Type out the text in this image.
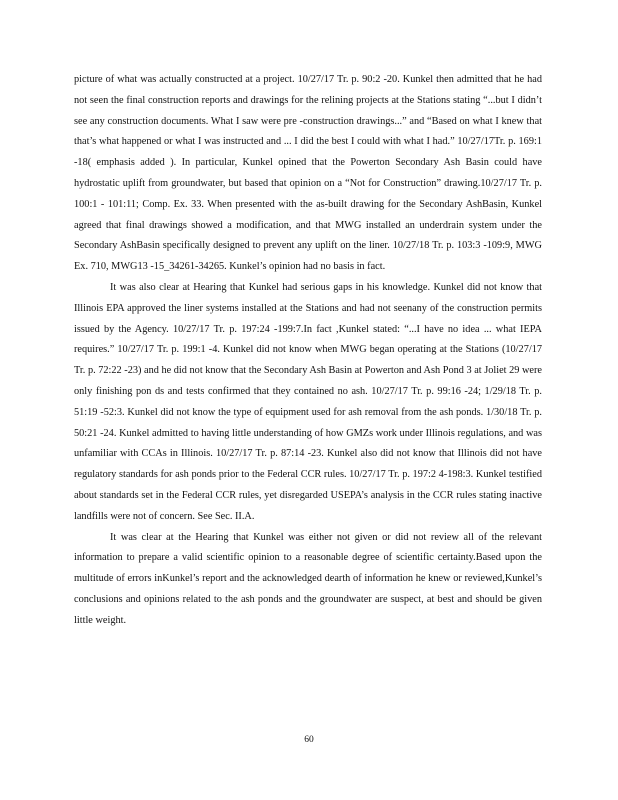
picture of what was actually constructed at a project. 10/27/17 Tr. p. 90:2 -20. Kunkel then admitted that he had not seen the final construction reports and drawings for the relining projects at the Stations stating “...but I didn’t see any construction documents. What I saw were pre -construction drawings...” and “Based on what I knew that that’s what happened or what I was instructed and ... I did the best I could with what I had.” 10/27/17Tr. p. 169:1 -18( emphasis added ). In particular, Kunkel opined that the Powerton Secondary Ash Basin could have hydrostatic uplift from groundwater, but based that opinion on a “Not for Construction” drawing.10/27/17 Tr. p. 100:1 - 101:11; Comp. Ex. 33. When presented with the as-built drawing for the Secondary AshBasin, Kunkel agreed that final drawings showed a modification, and that MWG installed an underdrain system under the Secondary AshBasin specifically designed to prevent any uplift on the liner. 10/27/18 Tr. p. 103:3 -109:9, MWG Ex. 710, MWG13 -15_34261-34265. Kunkel’s opinion had no basis in fact.

It was also clear at Hearing that Kunkel had serious gaps in his knowledge. Kunkel did not know that Illinois EPA approved the liner systems installed at the Stations and had not seenany of the construction permits issued by the Agency. 10/27/17 Tr. p. 197:24 -199:7.In fact ,Kunkel stated: “...I have no idea ... what IEPA requires.” 10/27/17 Tr. p. 199:1 -4. Kunkel did not know when MWG began operating at the Stations (10/27/17 Tr. p. 72:22 -23) and he did not know that the Secondary Ash Basin at Powerton and Ash Pond 3 at Joliet 29 were only finishing pon ds and tests confirmed that they contained no ash. 10/27/17 Tr. p. 99:16 -24; 1/29/18 Tr. p. 51:19 -52:3. Kunkel did not know the type of equipment used for ash removal from the ash ponds. 1/30/18 Tr. p. 50:21 -24. Kunkel admitted to having little understanding of how GMZs work under Illinois regulations, and was unfamiliar with CCAs in Illinois. 10/27/17 Tr. p. 87:14 -23. Kunkel also did not know that Illinois did not have regulatory standards for ash ponds prior to the Federal CCR rules. 10/27/17 Tr. p. 197:2 4-198:3. Kunkel testified about standards set in the Federal CCR rules, yet disregarded USEPA’s analysis in the CCR rules stating inactive landfills were not of concern. See Sec. II.A.

It was clear at the Hearing that Kunkel was either not given or did not review all of the relevant information to prepare a valid scientific opinion to a reasonable degree of scientific certainty.Based upon the multitude of errors inKunkel’s report and the acknowledged dearth of information he knew or reviewed,Kunkel’s conclusions and opinions related to the ash ponds and the groundwater are suspect, at best and should be given little weight.

60
